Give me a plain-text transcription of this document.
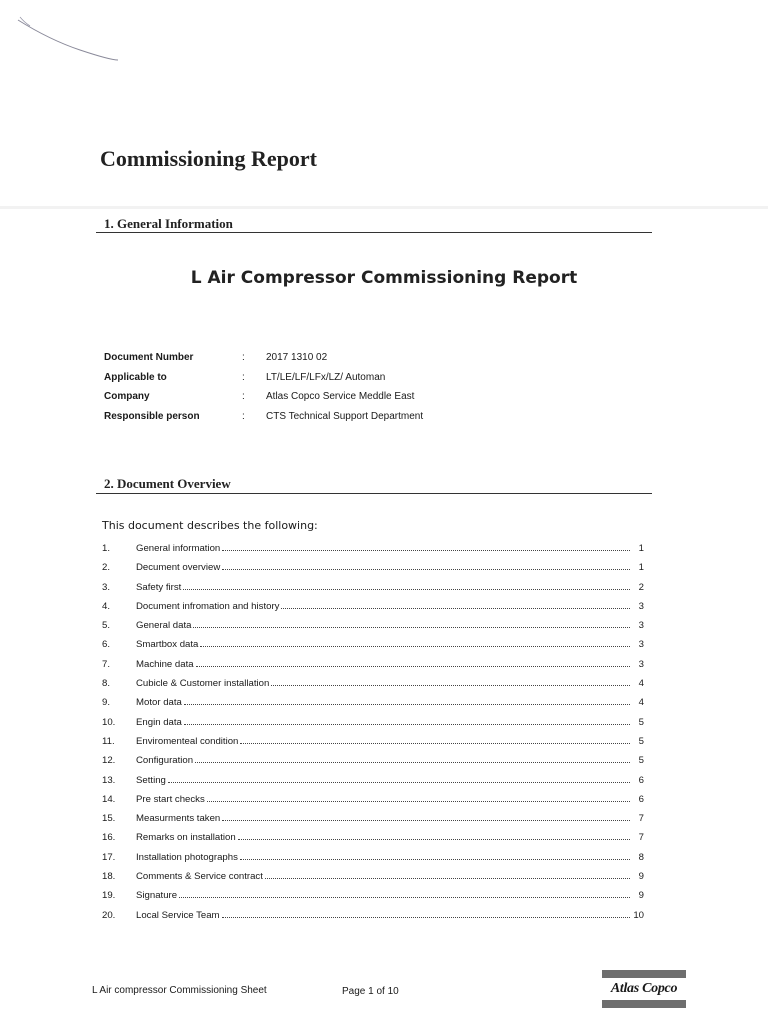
Commissioning Report
1. General Information
L Air Compressor Commissioning Report
Document Number	:	2017 1310 02
Applicable to	:	LT/LE/LF/LFx/LZ/ Automan
Company	:	Atlas Copco Service Meddle East
Responsible person	:	CTS Technical Support Department
2. Document Overview
This document describes the following:
1.	General information	1
2.	Decument overview	1
3.	Safety first	2
4.	Document infromation and history	3
5.	General data	3
6.	Smartbox data	3
7.	Machine data	3
8.	Cubicle & Customer installation	4
9.	Motor data	4
10.	Engin data	5
11.	Enviromenteal condition	5
12.	Configuration	5
13.	Setting	6
14.	Pre start checks	6
15.	Measurments taken	7
16.	Remarks on installation	7
17.	Installation photographs	8
18.	Comments & Service contract	9
19.	Signature	9
20.	Local Service Team	10
L Air compressor Commissioning Sheet	Page 1 of 10	Atlas Copco
